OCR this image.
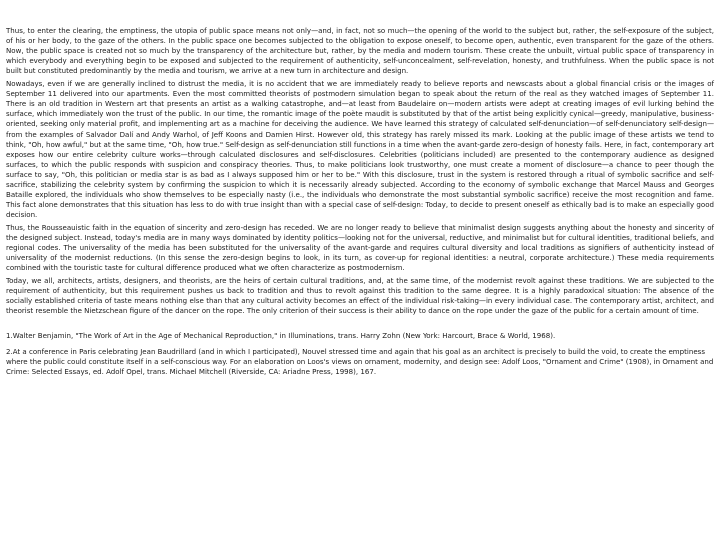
Thus, to enter the clearing, the emptiness, the utopia of public space means not only—and, in fact, not so much—the opening of the world to the subject but, rather, the self-exposure of the subject, of his or her body, to the gaze of the others. In the public space one becomes subjected to the obligation to expose oneself, to become open, authentic, even transparent for the gaze of the others. Now, the public space is created not so much by the transparency of the architecture but, rather, by the media and modern tourism. These create the unbuilt, virtual public space of transparency in which everybody and everything begin to be exposed and subjected to the requirement of authenticity, self-unconcealment, self-revelation, honesty, and truthfulness. When the public space is not built but constituted predominantly by the media and tourism, we arrive at a new turn in architecture and design.

Nowadays, even if we are generally inclined to distrust the media, it is no accident that we are immediately ready to believe reports and newscasts about a global financial crisis or the images of September 11 delivered into our apartments. Even the most committed theorists of postmodern simulation began to speak about the return of the real as they watched images of September 11. There is an old tradition in Western art that presents an artist as a walking catastrophe, and—at least from Baudelaire on—modern artists were adept at creating images of evil lurking behind the surface, which immediately won the trust of the public. In our time, the romantic image of the poète maudit is substituted by that of the artist being explicitly cynical—greedy, manipulative, business-oriented, seeking only material profit, and implementing art as a machine for deceiving the audience. We have learned this strategy of calculated self-denunciation—of self-denunciatory self-design—from the examples of Salvador Dalí and Andy Warhol, of Jeff Koons and Damien Hirst. However old, this strategy has rarely missed its mark. Looking at the public image of these artists we tend to think, "Oh, how awful," but at the same time, "Oh, how true." Self-design as self-denunciation still functions in a time when the avant-garde zero-design of honesty fails. Here, in fact, contemporary art exposes how our entire celebrity culture works—through calculated disclosures and self-disclosures. Celebrities (politicians included) are presented to the contemporary audience as designed surfaces, to which the public responds with suspicion and conspiracy theories. Thus, to make politicians look trustworthy, one must create a moment of disclosure—a chance to peer though the surface to say, "Oh, this politician or media star is as bad as I always supposed him or her to be." With this disclosure, trust in the system is restored through a ritual of symbolic sacrifice and self-sacrifice, stabilizing the celebrity system by confirming the suspicion to which it is necessarily already subjected. According to the economy of symbolic exchange that Marcel Mauss and Georges Bataille explored, the individuals who show themselves to be especially nasty (i.e., the individuals who demonstrate the most substantial symbolic sacrifice) receive the most recognition and fame. This fact alone demonstrates that this situation has less to do with true insight than with a special case of self-design: Today, to decide to present oneself as ethically bad is to make an especially good decision.

Thus, the Rousseauistic faith in the equation of sincerity and zero-design has receded. We are no longer ready to believe that minimalist design suggests anything about the honesty and sincerity of the designed subject. Instead, today's media are in many ways dominated by identity politics—looking not for the universal, reductive, and minimalist but for cultural identities, traditional beliefs, and regional codes. The universality of the media has been substituted for the universality of the avant-garde and requires cultural diversity and local traditions as signifiers of authenticity instead of universality of the modernist reductions. (In this sense the zero-design begins to look, in its turn, as cover-up for regional identities: a neutral, corporate architecture.) These media requirements combined with the touristic taste for cultural difference produced what we often characterize as postmodernism.

Today, we all, architects, artists, designers, and theorists, are the heirs of certain cultural traditions, and, at the same time, of the modernist revolt against these traditions. We are subjected to the requirement of authenticity, but this requirement pushes us back to tradition and thus to revolt against this tradition to the same degree. It is a highly paradoxical situation: The absence of the socially established criteria of taste means nothing else than that any cultural activity becomes an effect of the individual risk-taking—in every individual case. The contemporary artist, architect, and theorist resemble the Nietzschean figure of the dancer on the rope. The only criterion of their success is their ability to dance on the rope under the gaze of the public for a certain amount of time.

1.Walter Benjamin, "The Work of Art in the Age of Mechanical Reproduction," in Illuminations, trans. Harry Zohn (New York: Harcourt, Brace & World, 1968).

2.At a conference in Paris celebrating Jean Baudrillard (and in which I participated), Nouvel stressed time and again that his goal as an architect is precisely to build the void, to create the emptiness where the public could constitute itself in a self-conscious way. For an elaboration on Loos's views on ornament, modernity, and design see: Adolf Loos, "Ornament and Crime" (1908), in Ornament and Crime: Selected Essays, ed. Adolf Opel, trans. Michael Mitchell (Riverside, CA: Ariadne Press, 1998), 167.
